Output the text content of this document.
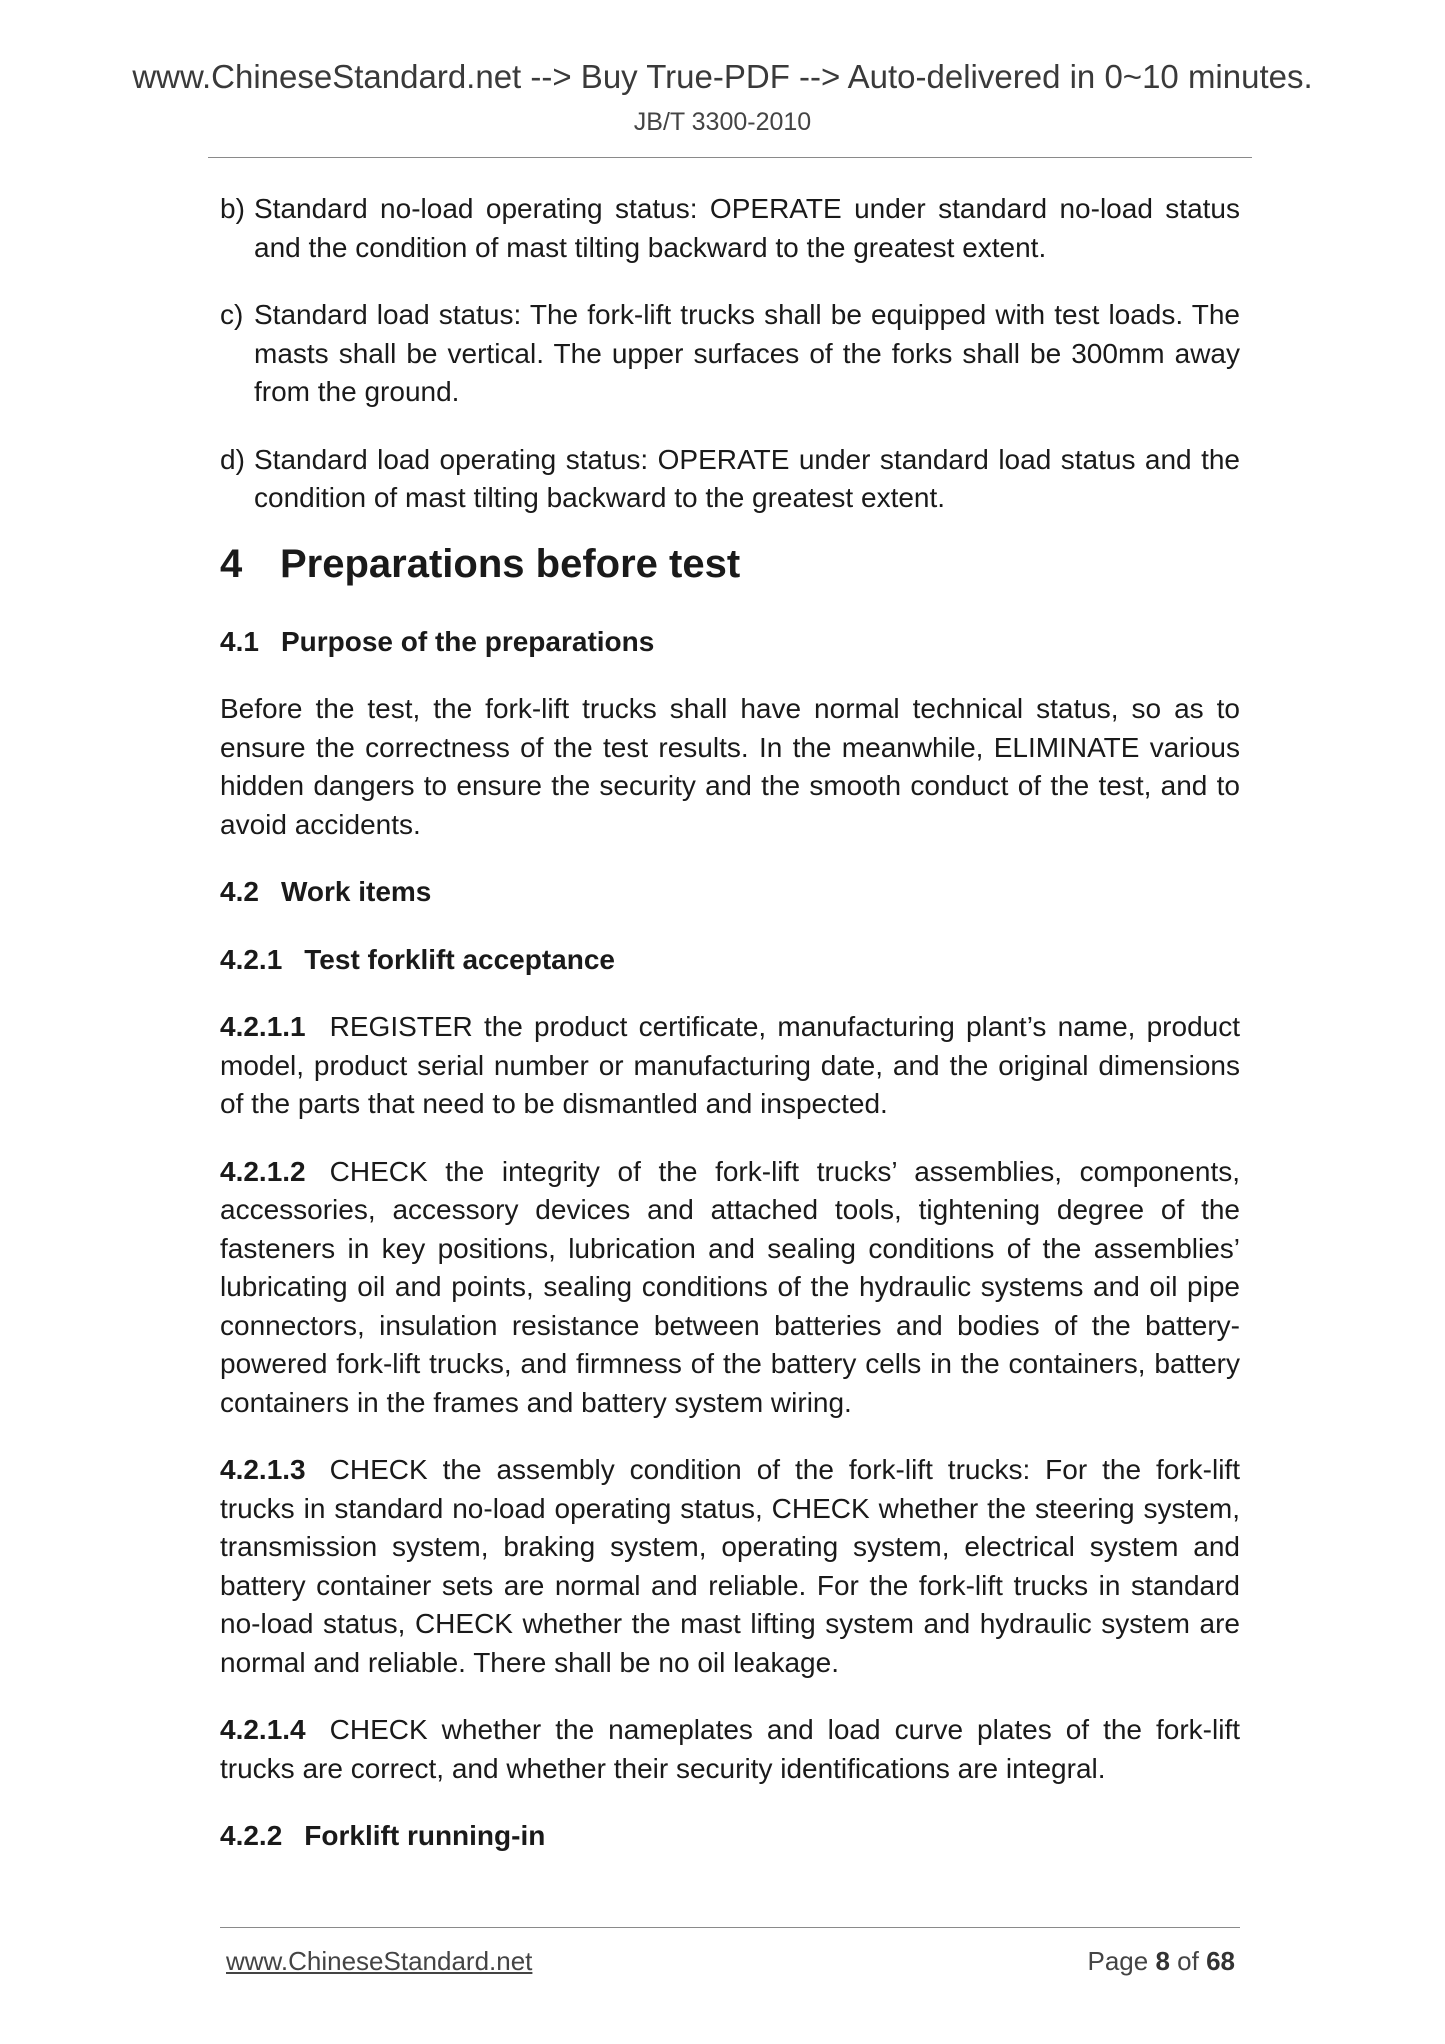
www.ChineseStandard.net --> Buy True-PDF --> Auto-delivered in 0~10 minutes.
JB/T 3300-2010
b) Standard no-load operating status: OPERATE under standard no-load status and the condition of mast tilting backward to the greatest extent.
c) Standard load status: The fork-lift trucks shall be equipped with test loads. The masts shall be vertical. The upper surfaces of the forks shall be 300mm away from the ground.
d) Standard load operating status: OPERATE under standard load status and the condition of mast tilting backward to the greatest extent.
4 Preparations before test
4.1 Purpose of the preparations
Before the test, the fork-lift trucks shall have normal technical status, so as to ensure the correctness of the test results. In the meanwhile, ELIMINATE various hidden dangers to ensure the security and the smooth conduct of the test, and to avoid accidents.
4.2 Work items
4.2.1 Test forklift acceptance
4.2.1.1 REGISTER the product certificate, manufacturing plant’s name, product model, product serial number or manufacturing date, and the original dimensions of the parts that need to be dismantled and inspected.
4.2.1.2 CHECK the integrity of the fork-lift trucks’ assemblies, components, accessories, accessory devices and attached tools, tightening degree of the fasteners in key positions, lubrication and sealing conditions of the assemblies’ lubricating oil and points, sealing conditions of the hydraulic systems and oil pipe connectors, insulation resistance between batteries and bodies of the battery-powered fork-lift trucks, and firmness of the battery cells in the containers, battery containers in the frames and battery system wiring.
4.2.1.3 CHECK the assembly condition of the fork-lift trucks: For the fork-lift trucks in standard no-load operating status, CHECK whether the steering system, transmission system, braking system, operating system, electrical system and battery container sets are normal and reliable. For the fork-lift trucks in standard no-load status, CHECK whether the mast lifting system and hydraulic system are normal and reliable. There shall be no oil leakage.
4.2.1.4 CHECK whether the nameplates and load curve plates of the fork-lift trucks are correct, and whether their security identifications are integral.
4.2.2 Forklift running-in
www.ChineseStandard.net	Page 8 of 68
